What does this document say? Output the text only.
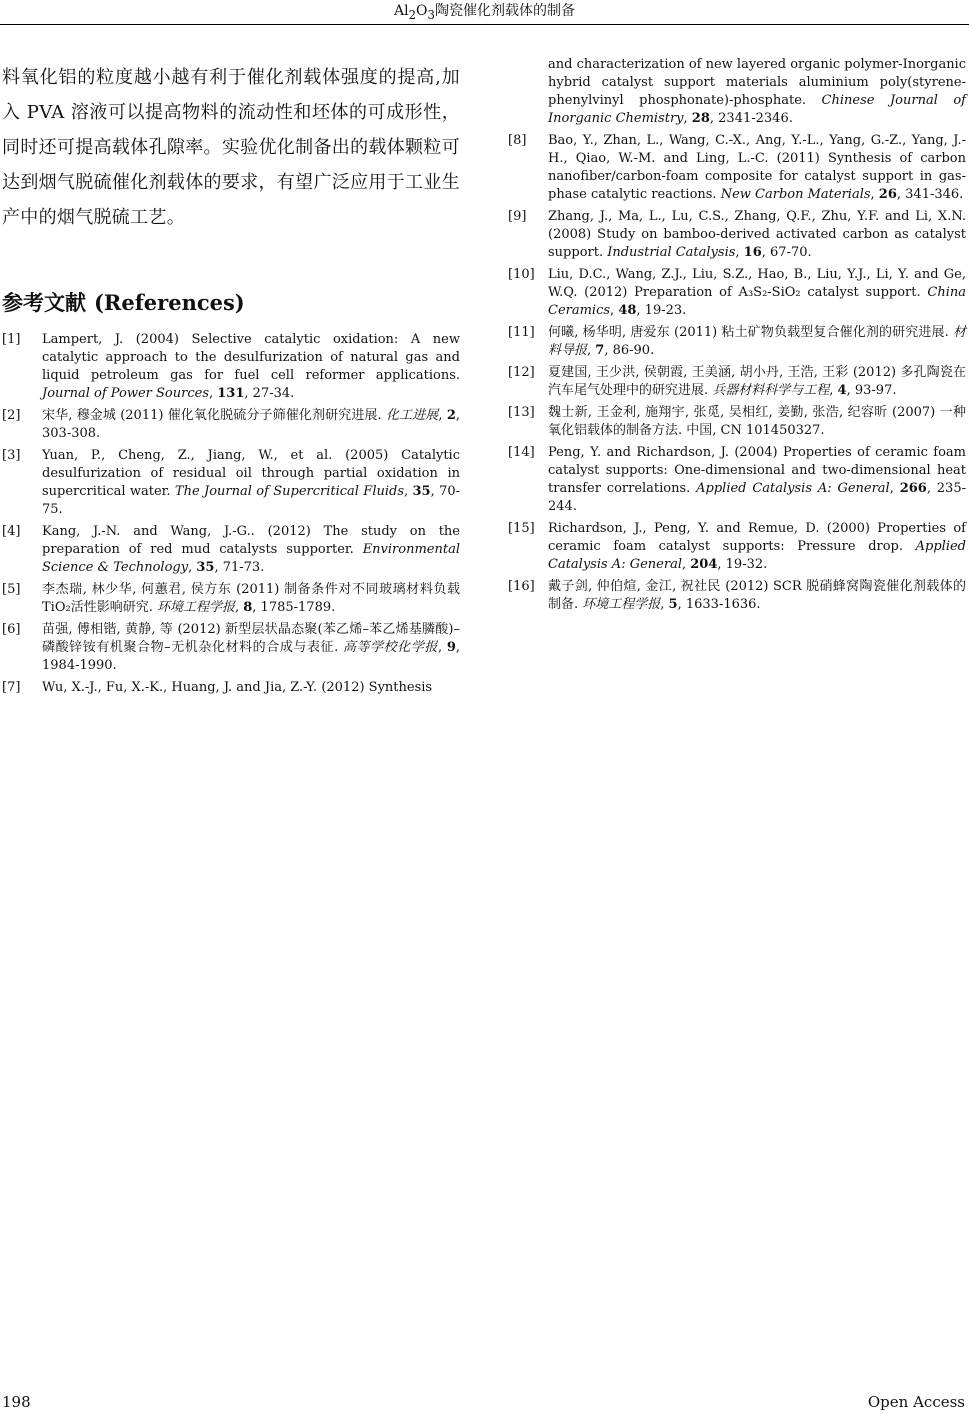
$Al_2O_3$陶瓷催化剂载体的制备

料氧化铝的粒度越小越有利于催化剂载体强度的提高,加入 PVA 溶液可以提高物料的流动性和坯体的可成形性，同时还可提高载体孔隙率。实验优化制备出的载体颗粒可达到烟气脱硫催化剂载体的要求，有望广泛应用于工业生产中的烟气脱硫工艺。

参考文献 (References)
[1]	Lampert, J. (2004) Selective catalytic oxidation: A new catalytic approach to the desulfurization of natural gas and liquid petroleum gas for fuel cell reformer applications. Journal of Power Sources, 131, 27-34.
[2]	宋华, 穆金城 (2011) 催化氧化脱硫分子筛催化剂研究进展. 化工进展, 2, 303-308.
[3]	Yuan, P., Cheng, Z., Jiang, W., et al. (2005) Catalytic desulfurization of residual oil through partial oxidation in supercritical water. The Journal of Supercritical Fluids, 35, 70-75.
[4]	Kang, J.-N. and Wang, J.-G.. (2012) The study on the preparation of red mud catalysts supporter. Environmental Science & Technology, 35, 71-73.
[5]	李杰瑞, 林少华, 何蕙君, 侯方东 (2011) 制备条件对不同玻璃材料负载 TiO₂活性影响研究. 环境工程学报, 8, 1785-1789.
[6]	苗强, 傅相锴, 黄静, 等 (2012) 新型层状晶态聚(苯乙烯–苯乙烯基膦酸)–磷酸锌铵有机聚合物–无机杂化材料的合成与表征. 高等学校化学报, 9, 1984-1990.
[7]	Wu, X.-J., Fu, X.-K., Huang, J. and Jia, Z.-Y. (2012) Synthesis
and characterization of new layered organic polymer-Inorganic hybrid catalyst support materials aluminium poly(styrene-phenylvinyl phosphonate)-phosphate. Chinese Journal of Inorganic Chemistry, 28, 2341-2346.
[8]	Bao, Y., Zhan, L., Wang, C.-X., Ang, Y.-L., Yang, G.-Z., Yang, J.-H., Qiao, W.-M. and Ling, L.-C. (2011) Synthesis of carbon nanofiber/carbon-foam composite for catalyst support in gas-phase catalytic reactions. New Carbon Materials, 26, 341-346.
[9]	Zhang, J., Ma, L., Lu, C.S., Zhang, Q.F., Zhu, Y.F. and Li, X.N. (2008) Study on bamboo-derived activated carbon as catalyst support. Industrial Catalysis, 16, 67-70.
[10]	Liu, D.C., Wang, Z.J., Liu, S.Z., Hao, B., Liu, Y.J., Li, Y. and Ge, W.Q. (2012) Preparation of A₃S₂-SiO₂ catalyst support. China Ceramics, 48, 19-23.
[11]	何曦, 杨华明, 唐爱东 (2011) 粘土矿物负载型复合催化剂的研究进展. 材料导报, 7, 86-90.
[12]	夏建国, 王少洪, 侯朝霞, 王美涵, 胡小丹, 王浩, 王彩 (2012) 多孔陶瓷在汽车尾气处理中的研究进展. 兵器材料科学与工程, 4, 93-97.
[13]	魏士新, 王金利, 施翔宇, 张觅, 吴相红, 姜勤, 张浩, 纪容昕 (2007) 一种氧化铝载体的制备方法. 中国, CN 101450327.
[14]	Peng, Y. and Richardson, J. (2004) Properties of ceramic foam catalyst supports: One-dimensional and two-dimensional heat transfer correlations. Applied Catalysis A: General, 266, 235-244.
[15]	Richardson, J., Peng, Y. and Remue, D. (2000) Properties of ceramic foam catalyst supports: Pressure drop. Applied Catalysis A: General, 204, 19-32.
[16]	戴子剑, 仲伯煊, 金江, 祝社民 (2012) SCR 脱硝蜂窝陶瓷催化剂载体的制备. 环境工程学报, 5, 1633-1636.
198	Open Access
